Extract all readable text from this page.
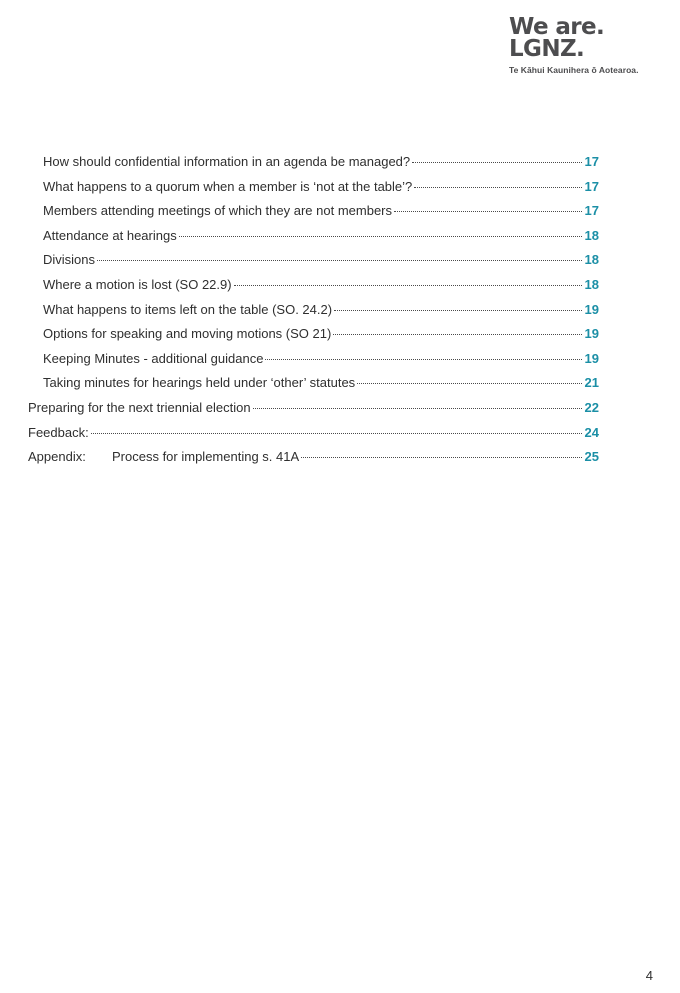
We are.
LGNZ.
Te Kāhui Kaunihera ō Aotearoa.
How should confidential information in an agenda be managed?	17
What happens to a quorum when a member is ‘not at the table’?	17
Members attending meetings of which they are not members	17
Attendance at hearings	18
Divisions	18
Where a motion is lost (SO 22.9)	18
What happens to items left on the table (SO. 24.2)	19
Options for speaking and moving motions (SO 21)	19
Keeping Minutes - additional guidance	19
Taking minutes for hearings held under ‘other’ statutes	21
Preparing for the next triennial election	22
Feedback:	24
Appendix:	Process for implementing s. 41A	25
4
